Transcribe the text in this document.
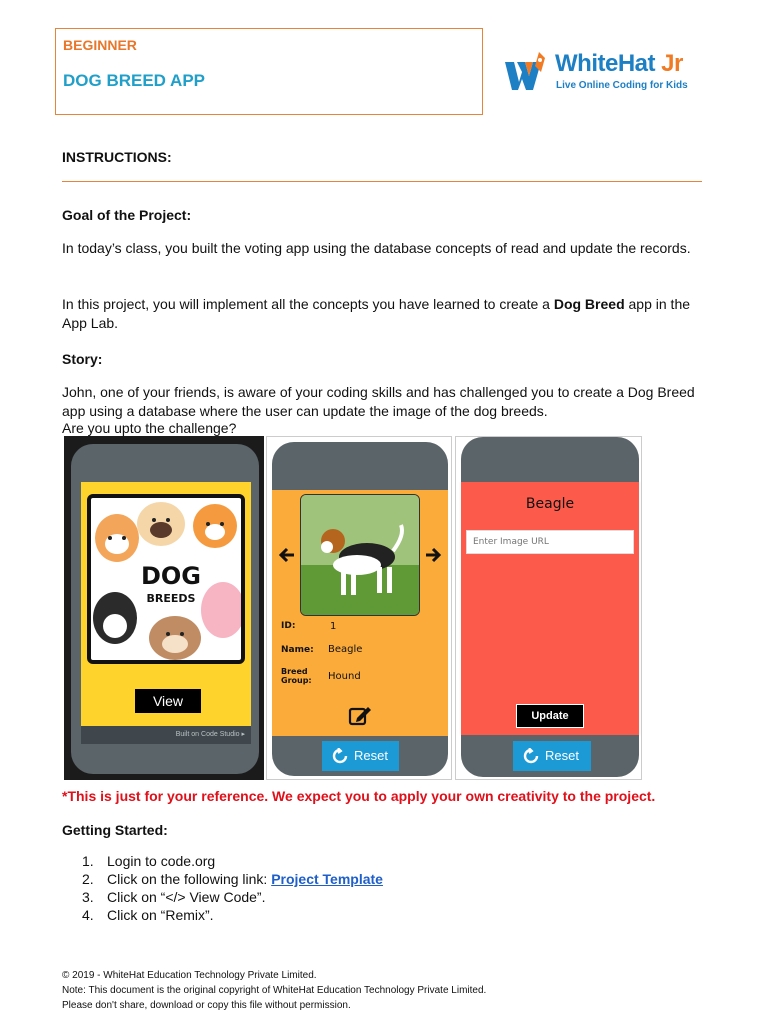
BEGINNER
DOG BREED APP
WhiteHat Jr
Live Online Coding for Kids
INSTRUCTIONS:
Goal of the Project:
In today’s class, you built the voting app using the database concepts of read and update the records.
In this project, you will implement all the concepts you have learned to create a Dog Breed app in the App Lab.
Story:
John, one of your friends, is aware of your coding skills and has challenged you to create a Dog Breed app using a database where the user can update the image of the dog breeds.
Are you upto the challenge?
DOG
BREEDS
View
Built on Code Studio ▸
ID:	1
Name: Beagle
Breed
Group: Hound
Reset
Beagle
Enter Image URL
Update
Reset
*This is just for your reference. We expect you to apply your own creativity to the project.
Getting Started:
1. Login to code.org
2. Click on the following link: Project Template
3. Click on “</> View Code”.
4. Click on “Remix”.
© 2019 - WhiteHat Education Technology Private Limited.
Note: This document is the original copyright of WhiteHat Education Technology Private Limited.
Please don't share, download or copy this file without permission.
